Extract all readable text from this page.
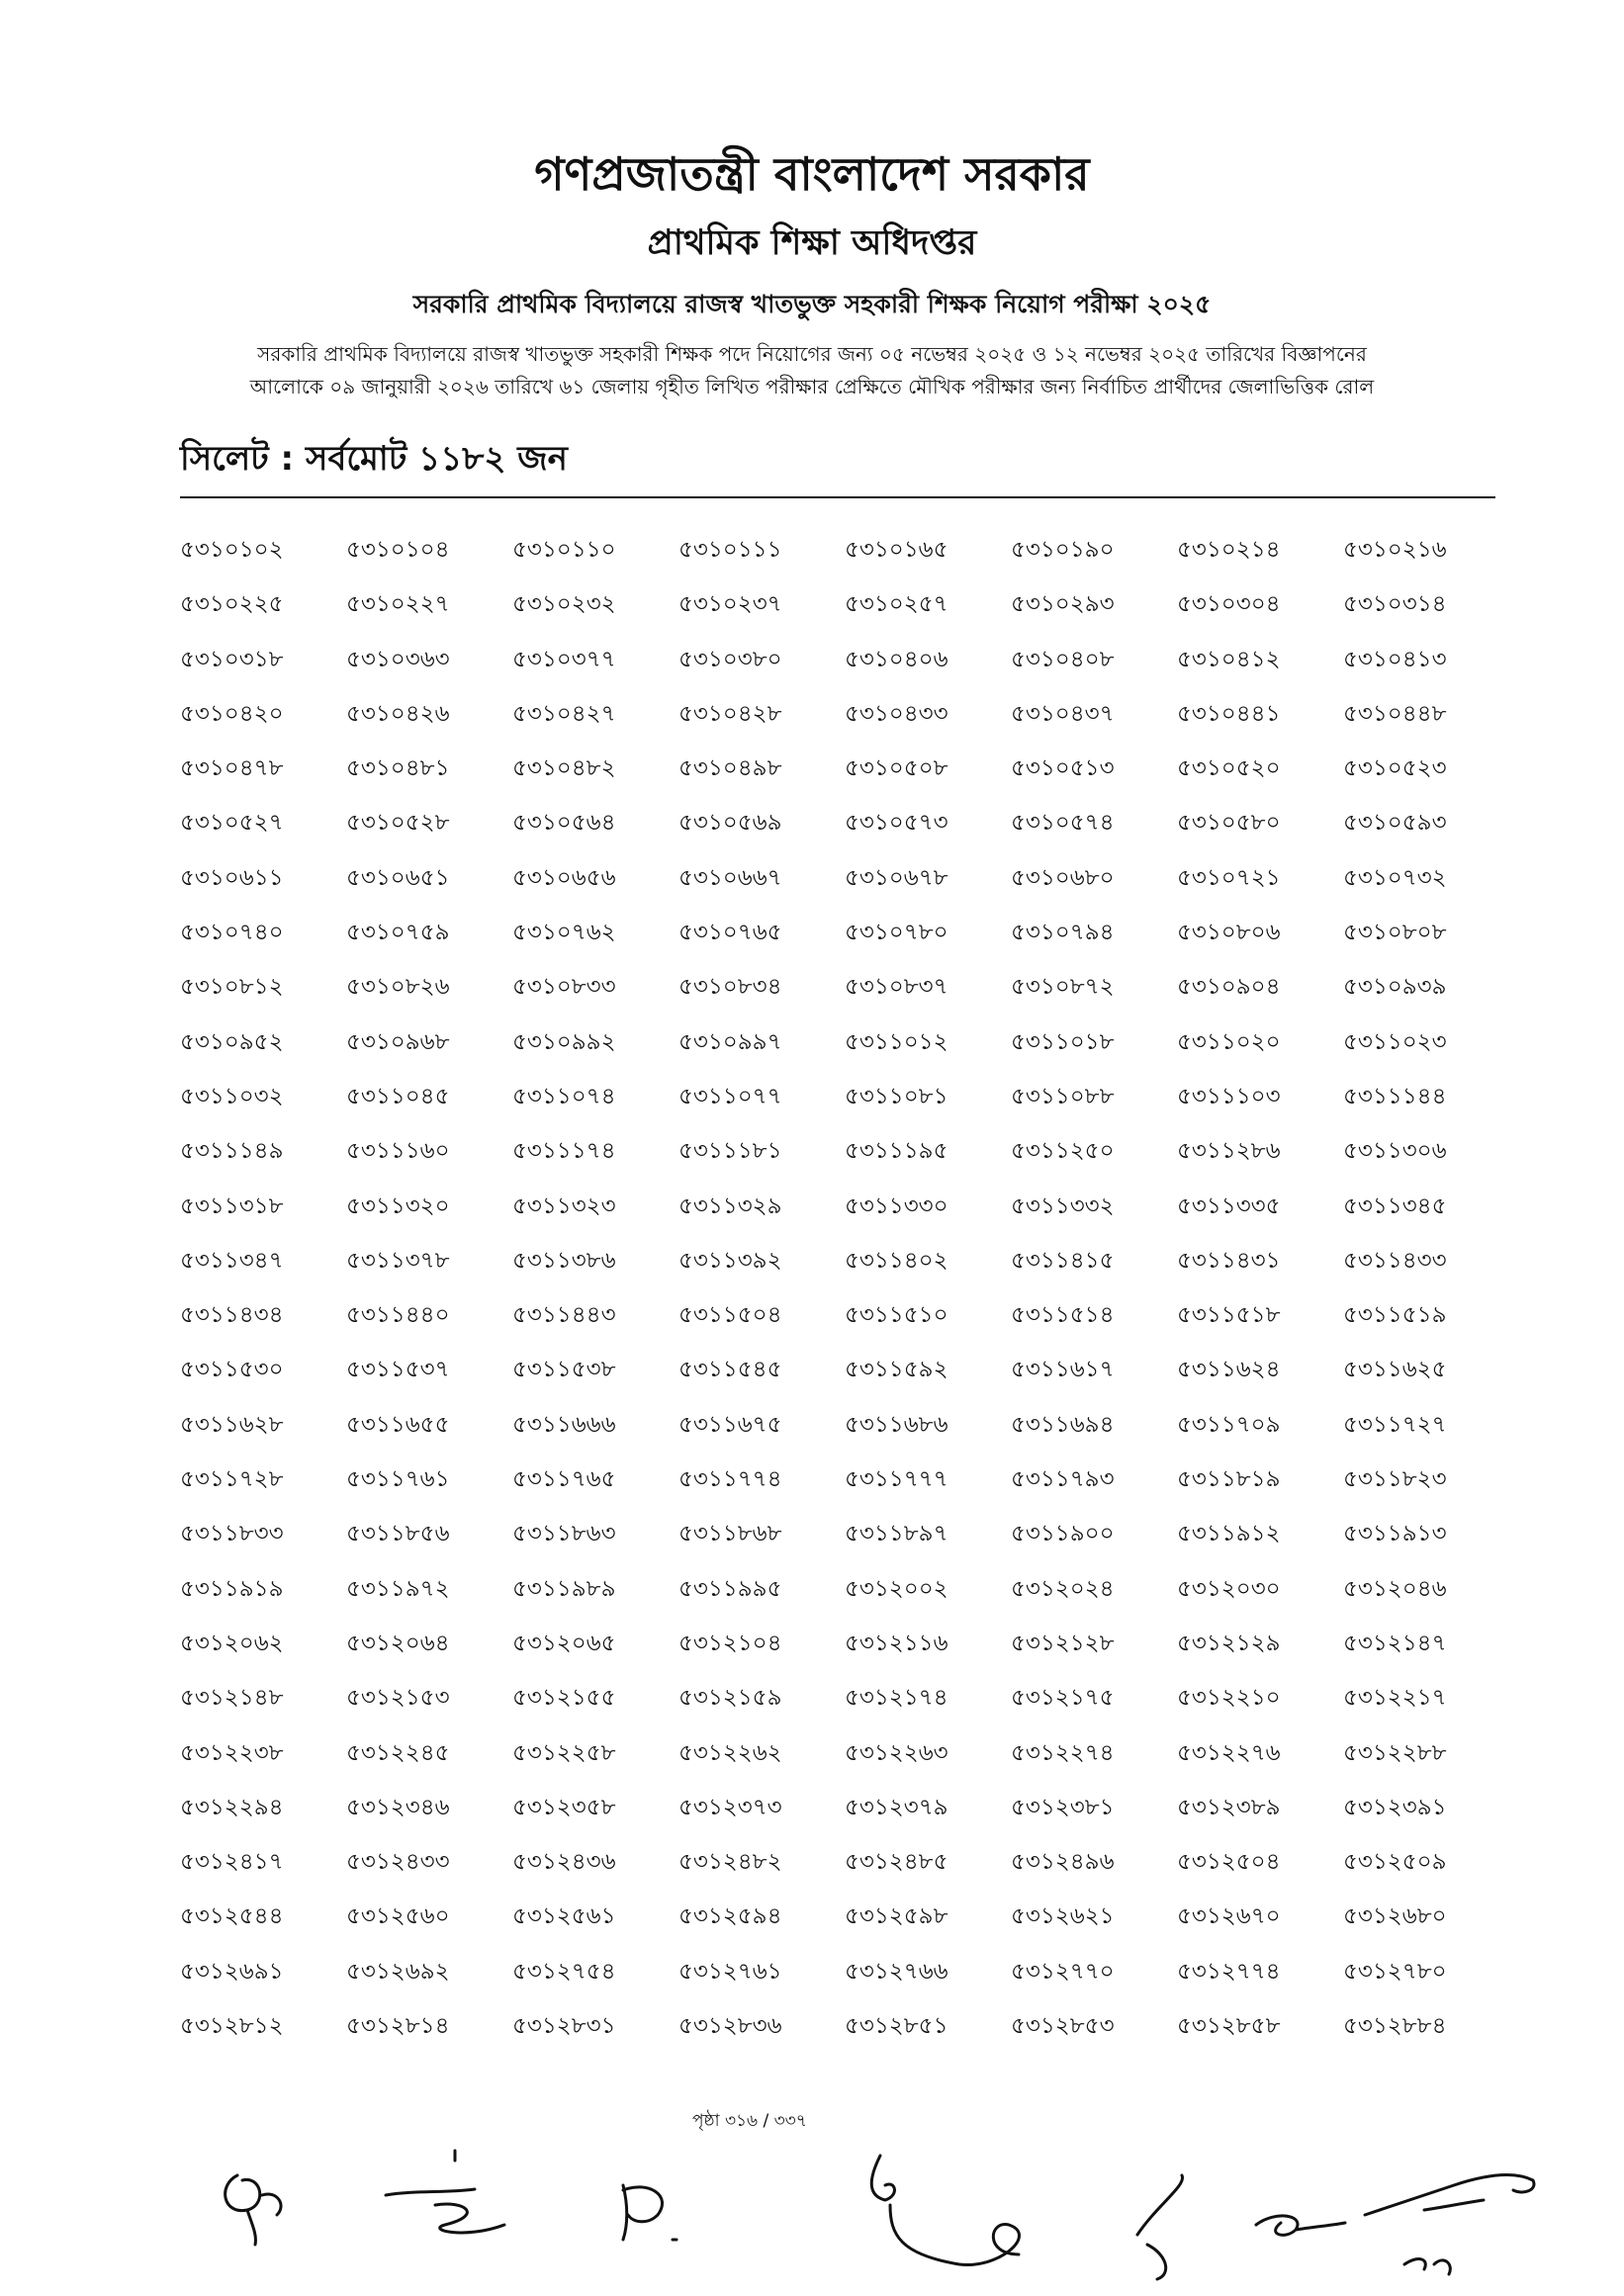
গণপ্রজাতন্ত্রী বাংলাদেশ সরকার
প্রাথমিক শিক্ষা অধিদপ্তর
সরকারি প্রাথমিক বিদ্যালয়ে রাজস্ব খাতভুক্ত সহকারী শিক্ষক নিয়োগ পরীক্ষা ২০২৫
সরকারি প্রাথমিক বিদ্যালয়ে রাজস্ব খাতভুক্ত সহকারী শিক্ষক পদে নিয়োগের জন্য ০৫ নভেম্বর ২০২৫ ও ১২ নভেম্বর ২০২৫ তারিখের বিজ্ঞাপনের
আলোকে ০৯ জানুয়ারী ২০২৬ তারিখে ৬১ জেলায় গৃহীত লিখিত পরীক্ষার প্রেক্ষিতে মৌখিক পরীক্ষার জন্য নির্বাচিত প্রার্থীদের জেলাভিত্তিক রোল
সিলেট : সর্বমোট ১১৮২ জন
৫৩১০১০২	৫৩১০১০৪	৫৩১০১১০	৫৩১০১১১	৫৩১০১৬৫	৫৩১০১৯০	৫৩১০২১৪	৫৩১০২১৬
৫৩১০২২৫	৫৩১০২২৭	৫৩১০২৩২	৫৩১০২৩৭	৫৩১০২৫৭	৫৩১০২৯৩	৫৩১০৩০৪	৫৩১০৩১৪
৫৩১০৩১৮	৫৩১০৩৬৩	৫৩১০৩৭৭	৫৩১০৩৮০	৫৩১০৪০৬	৫৩১০৪০৮	৫৩১০৪১২	৫৩১০৪১৩
৫৩১০৪২০	৫৩১০৪২৬	৫৩১০৪২৭	৫৩১০৪২৮	৫৩১০৪৩৩	৫৩১০৪৩৭	৫৩১০৪৪১	৫৩১০৪৪৮
৫৩১০৪৭৮	৫৩১০৪৮১	৫৩১০৪৮২	৫৩১০৪৯৮	৫৩১০৫০৮	৫৩১০৫১৩	৫৩১০৫২০	৫৩১০৫২৩
৫৩১০৫২৭	৫৩১০৫২৮	৫৩১০৫৬৪	৫৩১০৫৬৯	৫৩১০৫৭৩	৫৩১০৫৭৪	৫৩১০৫৮০	৫৩১০৫৯৩
৫৩১০৬১১	৫৩১০৬৫১	৫৩১০৬৫৬	৫৩১০৬৬৭	৫৩১০৬৭৮	৫৩১০৬৮০	৫৩১০৭২১	৫৩১০৭৩২
৫৩১০৭৪০	৫৩১০৭৫৯	৫৩১০৭৬২	৫৩১০৭৬৫	৫৩১০৭৮০	৫৩১০৭৯৪	৫৩১০৮০৬	৫৩১০৮০৮
৫৩১০৮১২	৫৩১০৮২৬	৫৩১০৮৩৩	৫৩১০৮৩৪	৫৩১০৮৩৭	৫৩১০৮৭২	৫৩১০৯০৪	৫৩১০৯৩৯
৫৩১০৯৫২	৫৩১০৯৬৮	৫৩১০৯৯২	৫৩১০৯৯৭	৫৩১১০১২	৫৩১১০১৮	৫৩১১০২০	৫৩১১০২৩
৫৩১১০৩২	৫৩১১০৪৫	৫৩১১০৭৪	৫৩১১০৭৭	৫৩১১০৮১	৫৩১১০৮৮	৫৩১১১০৩	৫৩১১১৪৪
৫৩১১১৪৯	৫৩১১১৬০	৫৩১১১৭৪	৫৩১১১৮১	৫৩১১১৯৫	৫৩১১২৫০	৫৩১১২৮৬	৫৩১১৩০৬
৫৩১১৩১৮	৫৩১১৩২০	৫৩১১৩২৩	৫৩১১৩২৯	৫৩১১৩৩০	৫৩১১৩৩২	৫৩১১৩৩৫	৫৩১১৩৪৫
৫৩১১৩৪৭	৫৩১১৩৭৮	৫৩১১৩৮৬	৫৩১১৩৯২	৫৩১১৪০২	৫৩১১৪১৫	৫৩১১৪৩১	৫৩১১৪৩৩
৫৩১১৪৩৪	৫৩১১৪৪০	৫৩১১৪৪৩	৫৩১১৫০৪	৫৩১১৫১০	৫৩১১৫১৪	৫৩১১৫১৮	৫৩১১৫১৯
৫৩১১৫৩০	৫৩১১৫৩৭	৫৩১১৫৩৮	৫৩১১৫৪৫	৫৩১১৫৯২	৫৩১১৬১৭	৫৩১১৬২৪	৫৩১১৬২৫
৫৩১১৬২৮	৫৩১১৬৫৫	৫৩১১৬৬৬	৫৩১১৬৭৫	৫৩১১৬৮৬	৫৩১১৬৯৪	৫৩১১৭০৯	৫৩১১৭২৭
৫৩১১৭২৮	৫৩১১৭৬১	৫৩১১৭৬৫	৫৩১১৭৭৪	৫৩১১৭৭৭	৫৩১১৭৯৩	৫৩১১৮১৯	৫৩১১৮২৩
৫৩১১৮৩৩	৫৩১১৮৫৬	৫৩১১৮৬৩	৫৩১১৮৬৮	৫৩১১৮৯৭	৫৩১১৯০০	৫৩১১৯১২	৫৩১১৯১৩
৫৩১১৯১৯	৫৩১১৯৭২	৫৩১১৯৮৯	৫৩১১৯৯৫	৫৩১২০০২	৫৩১২০২৪	৫৩১২০৩০	৫৩১২০৪৬
৫৩১২০৬২	৫৩১২০৬৪	৫৩১২০৬৫	৫৩১২১০৪	৫৩১২১১৬	৫৩১২১২৮	৫৩১২১২৯	৫৩১২১৪৭
৫৩১২১৪৮	৫৩১২১৫৩	৫৩১২১৫৫	৫৩১২১৫৯	৫৩১২১৭৪	৫৩১২১৭৫	৫৩১২২১০	৫৩১২২১৭
৫৩১২২৩৮	৫৩১২২৪৫	৫৩১২২৫৮	৫৩১২২৬২	৫৩১২২৬৩	৫৩১২২৭৪	৫৩১২২৭৬	৫৩১২২৮৮
৫৩১২২৯৪	৫৩১২৩৪৬	৫৩১২৩৫৮	৫৩১২৩৭৩	৫৩১২৩৭৯	৫৩১২৩৮১	৫৩১২৩৮৯	৫৩১২৩৯১
৫৩১২৪১৭	৫৩১২৪৩৩	৫৩১২৪৩৬	৫৩১২৪৮২	৫৩১২৪৮৫	৫৩১২৪৯৬	৫৩১২৫০৪	৫৩১২৫০৯
৫৩১২৫৪৪	৫৩১২৫৬০	৫৩১২৫৬১	৫৩১২৫৯৪	৫৩১২৫৯৮	৫৩১২৬২১	৫৩১২৬৭০	৫৩১২৬৮০
৫৩১২৬৯১	৫৩১২৬৯২	৫৩১২৭৫৪	৫৩১২৭৬১	৫৩১২৭৬৬	৫৩১২৭৭০	৫৩১২৭৭৪	৫৩১২৭৮০
৫৩১২৮১২	৫৩১২৮১৪	৫৩১২৮৩১	৫৩১২৮৩৬	৫৩১২৮৫১	৫৩১২৮৫৩	৫৩১২৮৫৮	৫৩১২৮৮৪
পৃষ্ঠা ৩১৬ / ৩৩৭
